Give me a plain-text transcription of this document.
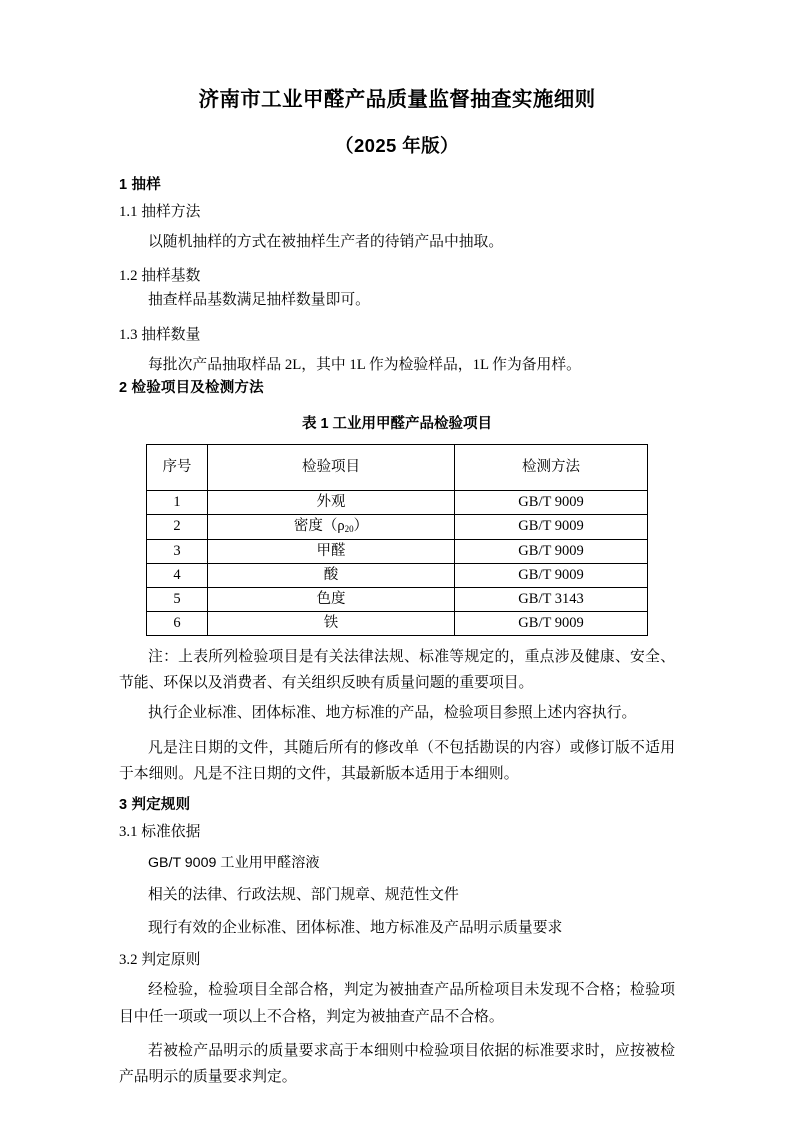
济南市工业甲醛产品质量监督抽查实施细则
（2025 年版）
1 抽样
1.1 抽样方法
以随机抽样的方式在被抽样生产者的待销产品中抽取。
1.2 抽样基数
抽查样品基数满足抽样数量即可。
1.3 抽样数量
每批次产品抽取样品 2L，其中 1L 作为检验样品，1L 作为备用样。
2 检验项目及检测方法
表 1 工业用甲醛产品检验项目
序号	检验项目	检测方法
1	外观	GB/T 9009
2	密度$(\rho_{20})$	GB/T 9009
3	甲醛	GB/T 9009
4	酸	GB/T 9009
5	色度	GB/T 3143
6	铁	GB/T 9009
注：上表所列检验项目是有关法律法规、标准等规定的，重点涉及健康、安全、节能、环保以及消费者、有关组织反映有质量问题的重要项目。
执行企业标准、团体标准、地方标准的产品，检验项目参照上述内容执行。
凡是注日期的文件，其随后所有的修改单（不包括勘误的内容）或修订版不适用于本细则。凡是不注日期的文件，其最新版本适用于本细则。
3 判定规则
3.1 标准依据
GB/T 9009 工业用甲醛溶液
相关的法律、行政法规、部门规章、规范性文件
现行有效的企业标准、团体标准、地方标准及产品明示质量要求
3.2 判定原则
经检验，检验项目全部合格，判定为被抽查产品所检项目未发现不合格；检验项目中任一项或一项以上不合格，判定为被抽查产品不合格。
若被检产品明示的质量要求高于本细则中检验项目依据的标准要求时，应按被检产品明示的质量要求判定。
